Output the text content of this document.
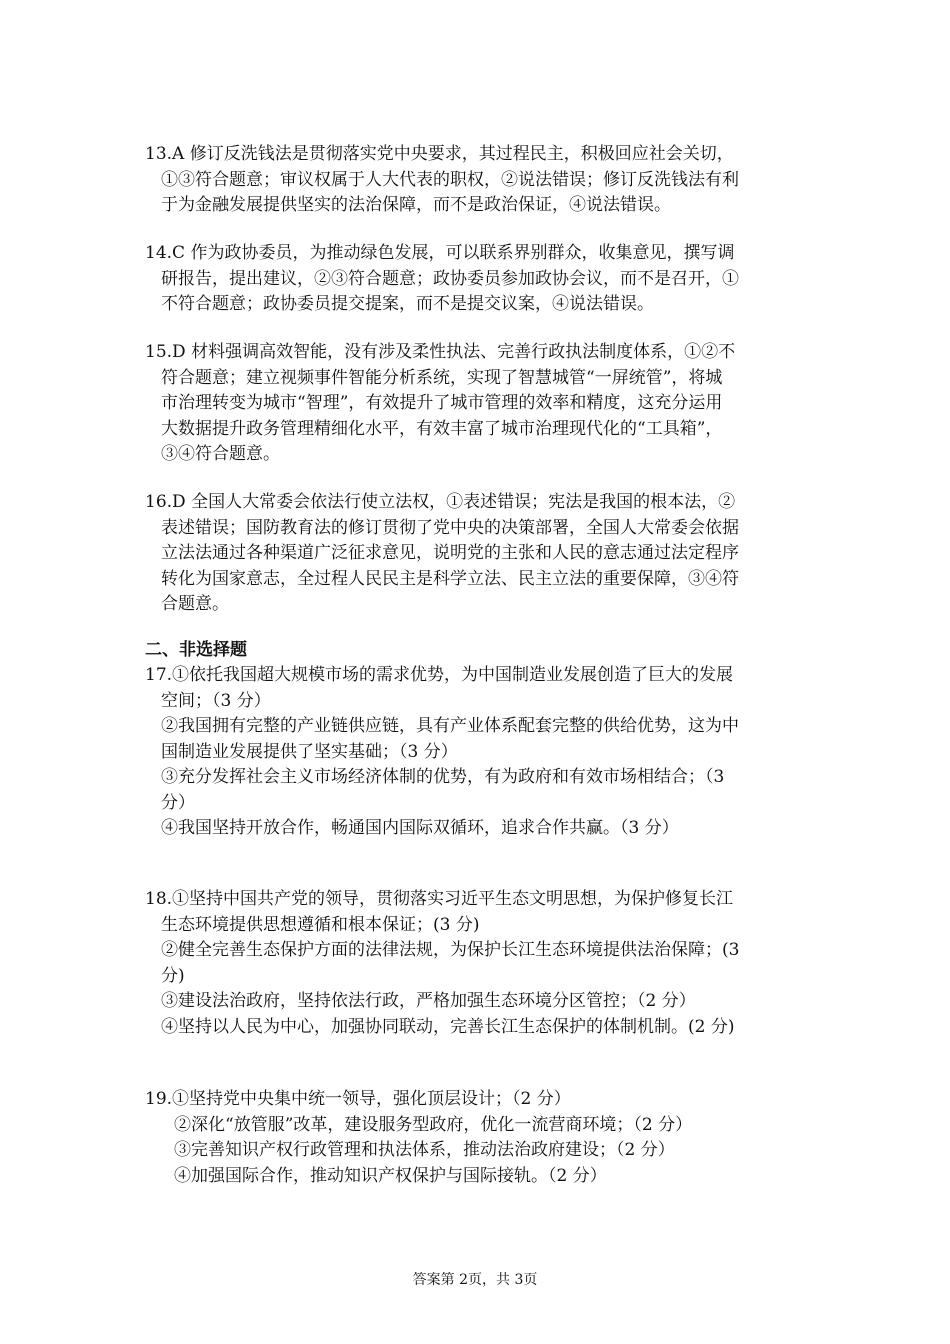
13.A 修订反洗钱法是贯彻落实党中央要求，其过程民主，积极回应社会关切，
①③符合题意；审议权属于人大代表的职权，②说法错误；修订反洗钱法有利
于为金融发展提供坚实的法治保障，而不是政治保证，④说法错误。
14.C 作为政协委员，为推动绿色发展，可以联系界别群众，收集意见，撰写调
研报告，提出建议，②③符合题意；政协委员参加政协会议，而不是召开，①
不符合题意；政协委员提交提案，而不是提交议案，④说法错误。
15.D 材料强调高效智能，没有涉及柔性执法、完善行政执法制度体系，①②不
符合题意；建立视频事件智能分析系统，实现了智慧城管“一屏统管”，将城
市治理转变为城市“智理”，有效提升了城市管理的效率和精度，这充分运用
大数据提升政务管理精细化水平，有效丰富了城市治理现代化的“工具箱”，
③④符合题意。
16.D 全国人大常委会依法行使立法权，①表述错误；宪法是我国的根本法，②
表述错误；国防教育法的修订贯彻了党中央的决策部署，全国人大常委会依据
立法法通过各种渠道广泛征求意见，说明党的主张和人民的意志通过法定程序
转化为国家意志，全过程人民民主是科学立法、民主立法的重要保障，③④符
合题意。
二、非选择题
17.①依托我国超大规模市场的需求优势，为中国制造业发展创造了巨大的发展
空间；（3 分）
②我国拥有完整的产业链供应链，具有产业体系配套完整的供给优势，这为中
国制造业发展提供了坚实基础；（3 分）
③充分发挥社会主义市场经济体制的优势，有为政府和有效市场相结合；（3
分）
④我国坚持开放合作，畅通国内国际双循环，追求合作共赢。（3 分）
18.①坚持中国共产党的领导，贯彻落实习近平生态文明思想，为保护修复长江
生态环境提供思想遵循和根本保证；(3 分)
②健全完善生态保护方面的法律法规，为保护长江生态环境提供法治保障；(3
分)
③建设法治政府，坚持依法行政，严格加强生态环境分区管控；（2 分）
④坚持以人民为中心，加强协同联动，完善长江生态保护的体制机制。(2 分)
19.①坚持党中央集中统一领导，强化顶层设计；（2 分）
②深化“放管服”改革，建设服务型政府，优化一流营商环境；（2 分）
③完善知识产权行政管理和执法体系，推动法治政府建设；（2 分）
④加强国际合作，推动知识产权保护与国际接轨。（2 分）
答案第 2页，共 3页
